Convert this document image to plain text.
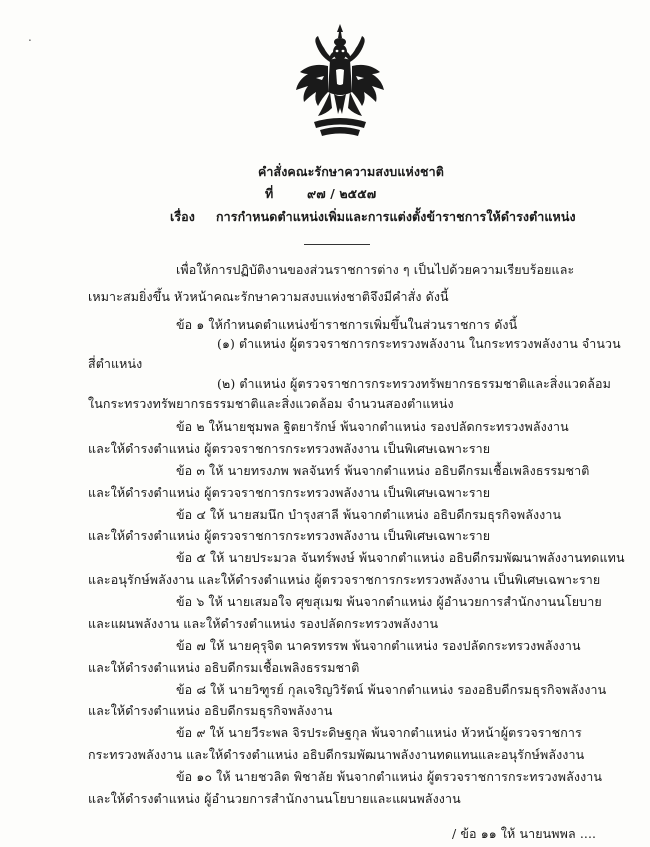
.
คำสั่งคณะรักษาความสงบแห่งชาติ
ที่	๙๗ / ๒๕๕๗
เรื่อง การกำหนดตำแหน่งเพิ่มและการแต่งตั้งข้าราชการให้ดำรงตำแหน่ง
เพื่อให้การปฏิบัติงานของส่วนราชการต่าง ๆ เป็นไปด้วยความเรียบร้อยและ
เหมาะสมยิ่งขึ้น หัวหน้าคณะรักษาความสงบแห่งชาติจึงมีคำสั่ง ดังนี้
ข้อ ๑ ให้กำหนดตำแหน่งข้าราชการเพิ่มขึ้นในส่วนราชการ ดังนี้
(๑) ตำแหน่ง ผู้ตรวจราชการกระทรวงพลังงาน ในกระทรวงพลังงาน จำนวน
สี่ตำแหน่ง
(๒) ตำแหน่ง ผู้ตรวจราชการกระทรวงทรัพยากรธรรมชาติและสิ่งแวดล้อม
ในกระทรวงทรัพยากรธรรมชาติและสิ่งแวดล้อม จำนวนสองตำแหน่ง
ข้อ ๒ ให้นายชุมพล ฐิตยารักษ์ พ้นจากตำแหน่ง รองปลัดกระทรวงพลังงาน
และให้ดำรงตำแหน่ง ผู้ตรวจราชการกระทรวงพลังงาน เป็นพิเศษเฉพาะราย
ข้อ ๓ ให้ นายทรงภพ พลจันทร์ พ้นจากตำแหน่ง อธิบดีกรมเชื้อเพลิงธรรมชาติ
และให้ดำรงตำแหน่ง ผู้ตรวจราชการกระทรวงพลังงาน เป็นพิเศษเฉพาะราย
ข้อ ๔ ให้ นายสมนึก บำรุงสาลี พ้นจากตำแหน่ง อธิบดีกรมธุรกิจพลังงาน
และให้ดำรงตำแหน่ง ผู้ตรวจราชการกระทรวงพลังงาน เป็นพิเศษเฉพาะราย
ข้อ ๕ ให้ นายประมวล จันทร์พงษ์ พ้นจากตำแหน่ง อธิบดีกรมพัฒนาพลังงานทดแทน
และอนุรักษ์พลังงาน และให้ดำรงตำแหน่ง ผู้ตรวจราชการกระทรวงพลังงาน เป็นพิเศษเฉพาะราย
ข้อ ๖ ให้ นายเสมอใจ ศุขสุเมฆ พ้นจากตำแหน่ง ผู้อำนวยการสำนักงานนโยบาย
และแผนพลังงาน และให้ดำรงตำแหน่ง รองปลัดกระทรวงพลังงาน
ข้อ ๗ ให้ นายคุรุจิต นาครทรรพ พ้นจากตำแหน่ง รองปลัดกระทรวงพลังงาน
และให้ดำรงตำแหน่ง อธิบดีกรมเชื้อเพลิงธรรมชาติ
ข้อ ๘ ให้ นายวิฑูรย์ กุลเจริญวิรัตน์ พ้นจากตำแหน่ง รองอธิบดีกรมธุรกิจพลังงาน
และให้ดำรงตำแหน่ง อธิบดีกรมธุรกิจพลังงาน
ข้อ ๙ ให้ นายวีระพล จิรประดิษฐกุล พ้นจากตำแหน่ง หัวหน้าผู้ตรวจราชการ
กระทรวงพลังงาน และให้ดำรงตำแหน่ง อธิบดีกรมพัฒนาพลังงานทดแทนและอนุรักษ์พลังงาน
ข้อ ๑๐ ให้ นายชวลิต พิชาลัย พ้นจากตำแหน่ง ผู้ตรวจราชการกระทรวงพลังงาน
และให้ดำรงตำแหน่ง ผู้อำนวยการสำนักงานนโยบายและแผนพลังงาน
/ ข้อ ๑๑ ให้ นายนพพล ....
